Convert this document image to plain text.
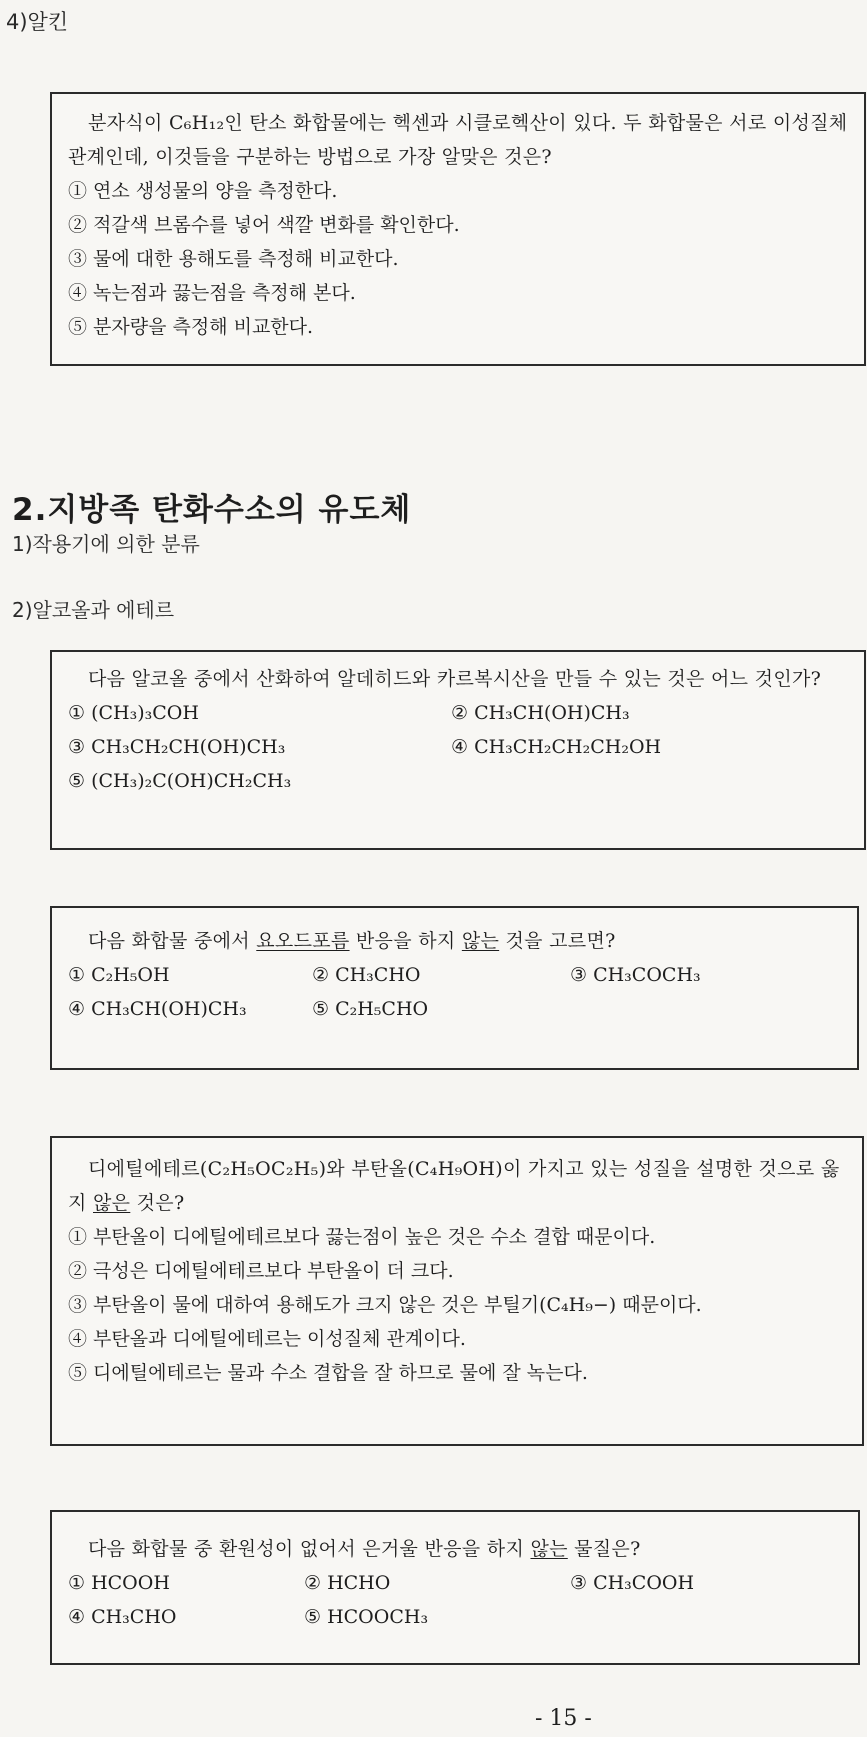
4)알킨

분자식이 C₆H₁₂인 탄소 화합물에는 헥센과 시클로헥산이 있다. 두 화합물은 서로 이성질체 관계인데, 이것들을 구분하는 방법으로 가장 알맞은 것은?

① 연소 생성물의 양을 측정한다.

② 적갈색 브롬수를 넣어 색깔 변화를 확인한다.

③ 물에 대한 용해도를 측정해 비교한다.

④ 녹는점과 끓는점을 측정해 본다.

⑤ 분자량을 측정해 비교한다.

2.지방족 탄화수소의 유도체
1)작용기에 의한 분류
2)알코올과 에테르

다음 알코올 중에서 산화하여 알데히드와 카르복시산을 만들 수 있는 것은 어느 것인가?

① (CH₃)₃COH	② CH₃CH(OH)CH₃

③ CH₃CH₂CH(OH)CH₃	④ CH₃CH₂CH₂CH₂OH

⑤ (CH₃)₂C(OH)CH₂CH₃

다음 화합물 중에서 요오드포름 반응을 하지 않는 것을 고르면?

① C₂H₅OH	② CH₃CHO	③ CH₃COCH₃

④ CH₃CH(OH)CH₃	⑤ C₂H₅CHO

디에틸에테르(C₂H₅OC₂H₅)와 부탄올(C₄H₉OH)이 가지고 있는 성질을 설명한 것으로 옳지 않은 것은?

① 부탄올이 디에틸에테르보다 끓는점이 높은 것은 수소 결합 때문이다.

② 극성은 디에틸에테르보다 부탄올이 더 크다.

③ 부탄올이 물에 대하여 용해도가 크지 않은 것은 부틸기(C₄H₉−) 때문이다.

④ 부탄올과 디에틸에테르는 이성질체 관계이다.

⑤ 디에틸에테르는 물과 수소 결합을 잘 하므로 물에 잘 녹는다.

다음 화합물 중 환원성이 없어서 은거울 반응을 하지 않는 물질은?

① HCOOH	② HCHO	③ CH₃COOH

④ CH₃CHO	⑤ HCOOCH₃

- 15 -
